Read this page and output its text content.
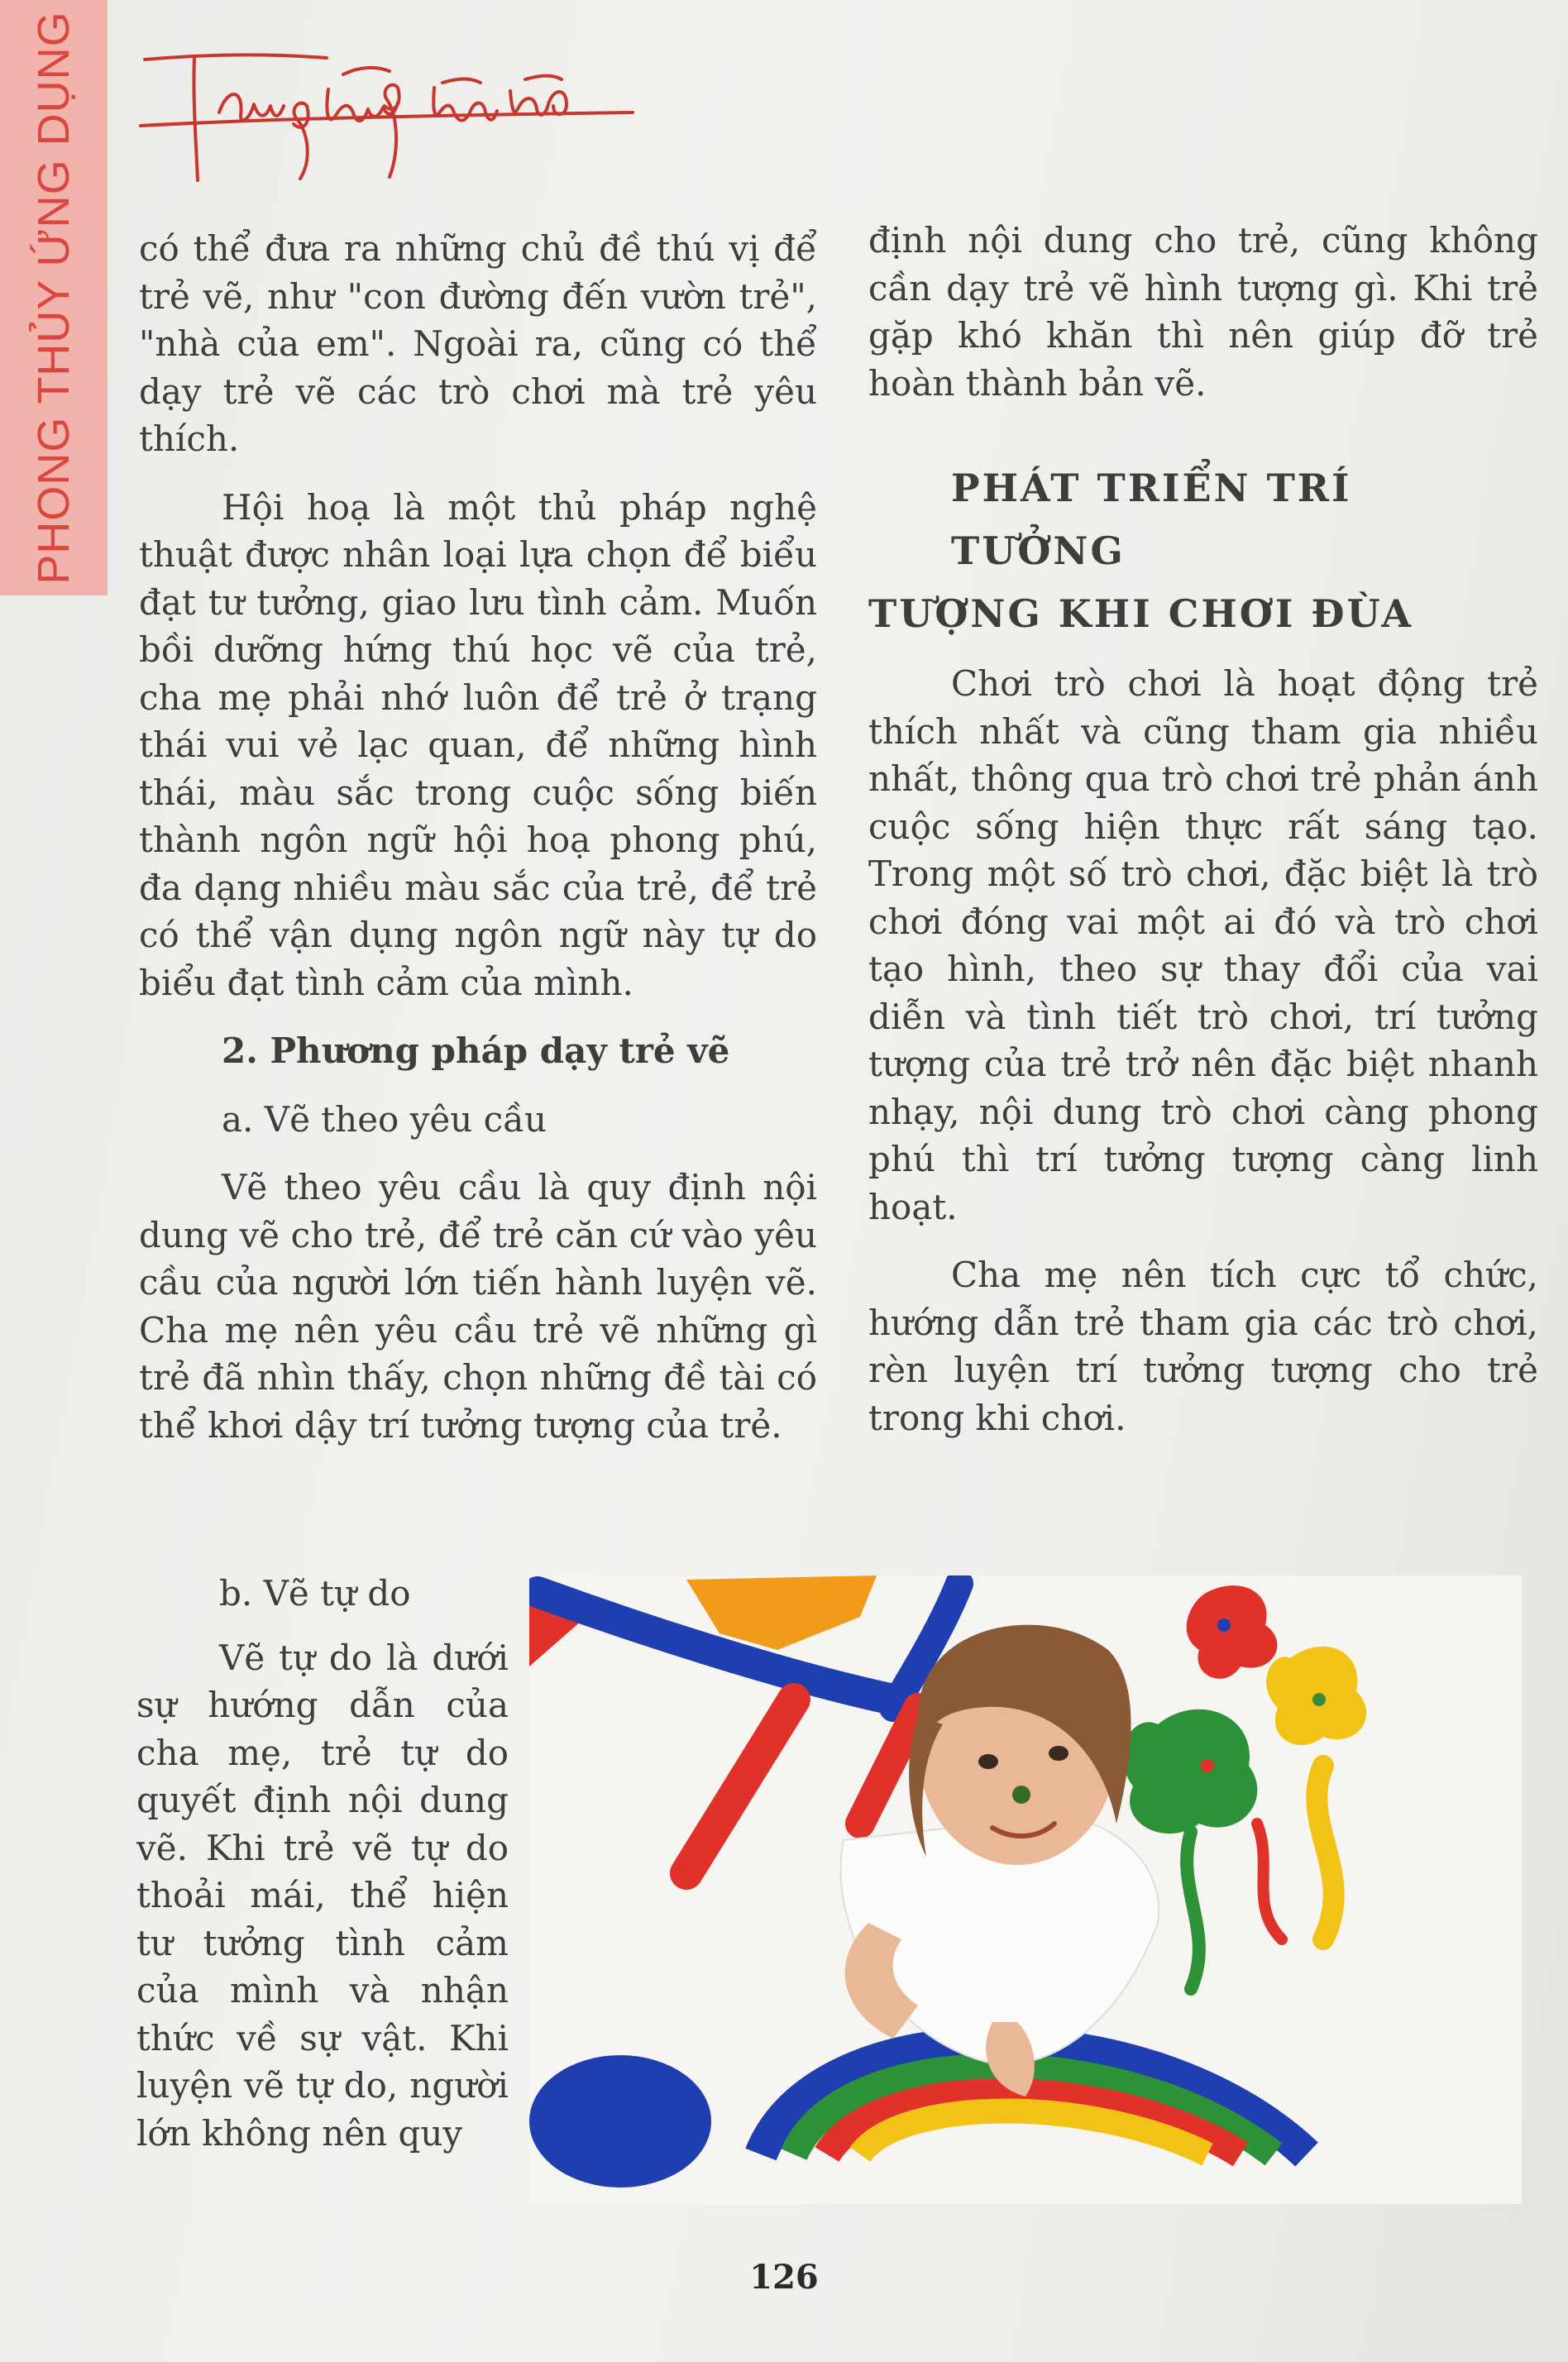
PHONG THỦY ỨNG DỤNG có thể đưa ra những chủ đề thú vị để trẻ vẽ, như "con đường đến vườn trẻ", "nhà của em". Ngoài ra, cũng có thể dạy trẻ vẽ các trò chơi mà trẻ yêu thích.

Hội hoạ là một thủ pháp nghệ thuật được nhân loại lựa chọn để biểu đạt tư tưởng, giao lưu tình cảm. Muốn bồi dưỡng hứng thú học vẽ của trẻ, cha mẹ phải nhớ luôn để trẻ ở trạng thái vui vẻ lạc quan, để những hình thái, màu sắc trong cuộc sống biến thành ngôn ngữ hội hoạ phong phú, đa dạng nhiều màu sắc của trẻ, để trẻ có thể vận dụng ngôn ngữ này tự do biểu đạt tình cảm của mình.

2. Phương pháp dạy trẻ vẽ

a. Vẽ theo yêu cầu

Vẽ theo yêu cầu là quy định nội dung vẽ cho trẻ, để trẻ căn cứ vào yêu cầu của người lớn tiến hành luyện vẽ. Cha mẹ nên yêu cầu trẻ vẽ những gì trẻ đã nhìn thấy, chọn những đề tài có thể khơi dậy trí tưởng tượng của trẻ.

b. Vẽ tự do

Vẽ tự do là dưới sự hướng dẫn của cha mẹ, trẻ tự do quyết định nội dung vẽ. Khi trẻ vẽ tự do thoải mái, thể hiện tư tưởng tình cảm của mình và nhận thức về sự vật. Khi luyện vẽ tự do, người lớn không nên quy

định nội dung cho trẻ, cũng không cần dạy trẻ vẽ hình tượng gì. Khi trẻ gặp khó khăn thì nên giúp đỡ trẻ hoàn thành bản vẽ.

PHÁT TRIỂN TRÍ TƯỞNG
TƯỢNG KHI CHƠI ĐÙA

Chơi trò chơi là hoạt động trẻ thích nhất và cũng tham gia nhiều nhất, thông qua trò chơi trẻ phản ánh cuộc sống hiện thực rất sáng tạo. Trong một số trò chơi, đặc biệt là trò chơi đóng vai một ai đó và trò chơi tạo hình, theo sự thay đổi của vai diễn và tình tiết trò chơi, trí tưởng tượng của trẻ trở nên đặc biệt nhanh nhạy, nội dung trò chơi càng phong phú thì trí tưởng tượng càng linh hoạt.

Cha mẹ nên tích cực tổ chức, hướng dẫn trẻ tham gia các trò chơi, rèn luyện trí tưởng tượng cho trẻ trong khi chơi.

126
